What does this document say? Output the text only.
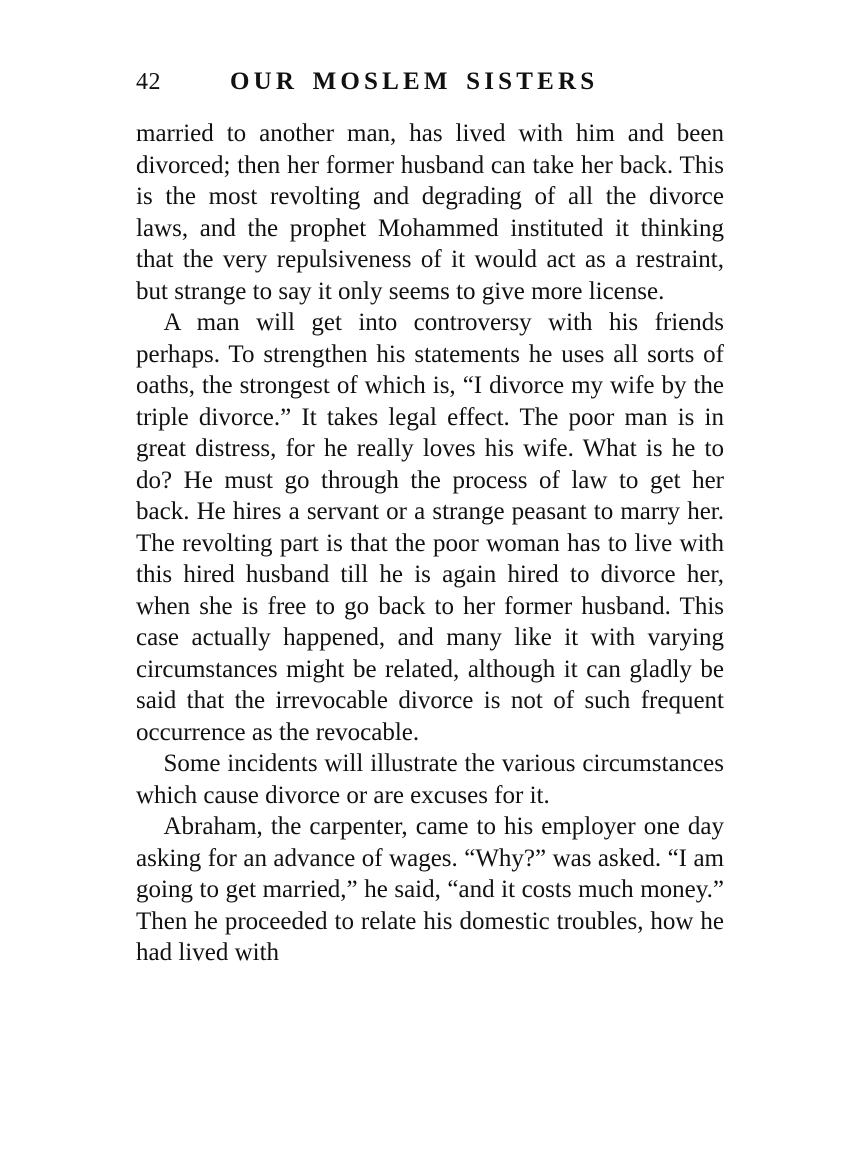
42	OUR MOSLEM SISTERS

married to another man, has lived with him and been divorced; then her former husband can take her back. This is the most revolting and degrading of all the divorce laws, and the prophet Mohammed instituted it thinking that the very repulsiveness of it would act as a restraint, but strange to say it only seems to give more license.

A man will get into controversy with his friends perhaps. To strengthen his statements he uses all sorts of oaths, the strongest of which is, “I divorce my wife by the triple divorce.” It takes legal effect. The poor man is in great distress, for he really loves his wife. What is he to do? He must go through the process of law to get her back. He hires a servant or a strange peasant to marry her. The revolting part is that the poor woman has to live with this hired husband till he is again hired to divorce her, when she is free to go back to her former husband. This case actually happened, and many like it with varying circumstances might be related, although it can gladly be said that the irrevocable divorce is not of such frequent occurrence as the revocable.

Some incidents will illustrate the various circumstances which cause divorce or are excuses for it.

Abraham, the carpenter, came to his employer one day asking for an advance of wages. “Why?” was asked. “I am going to get married,” he said, “and it costs much money.” Then he proceeded to relate his domestic troubles, how he had lived with
